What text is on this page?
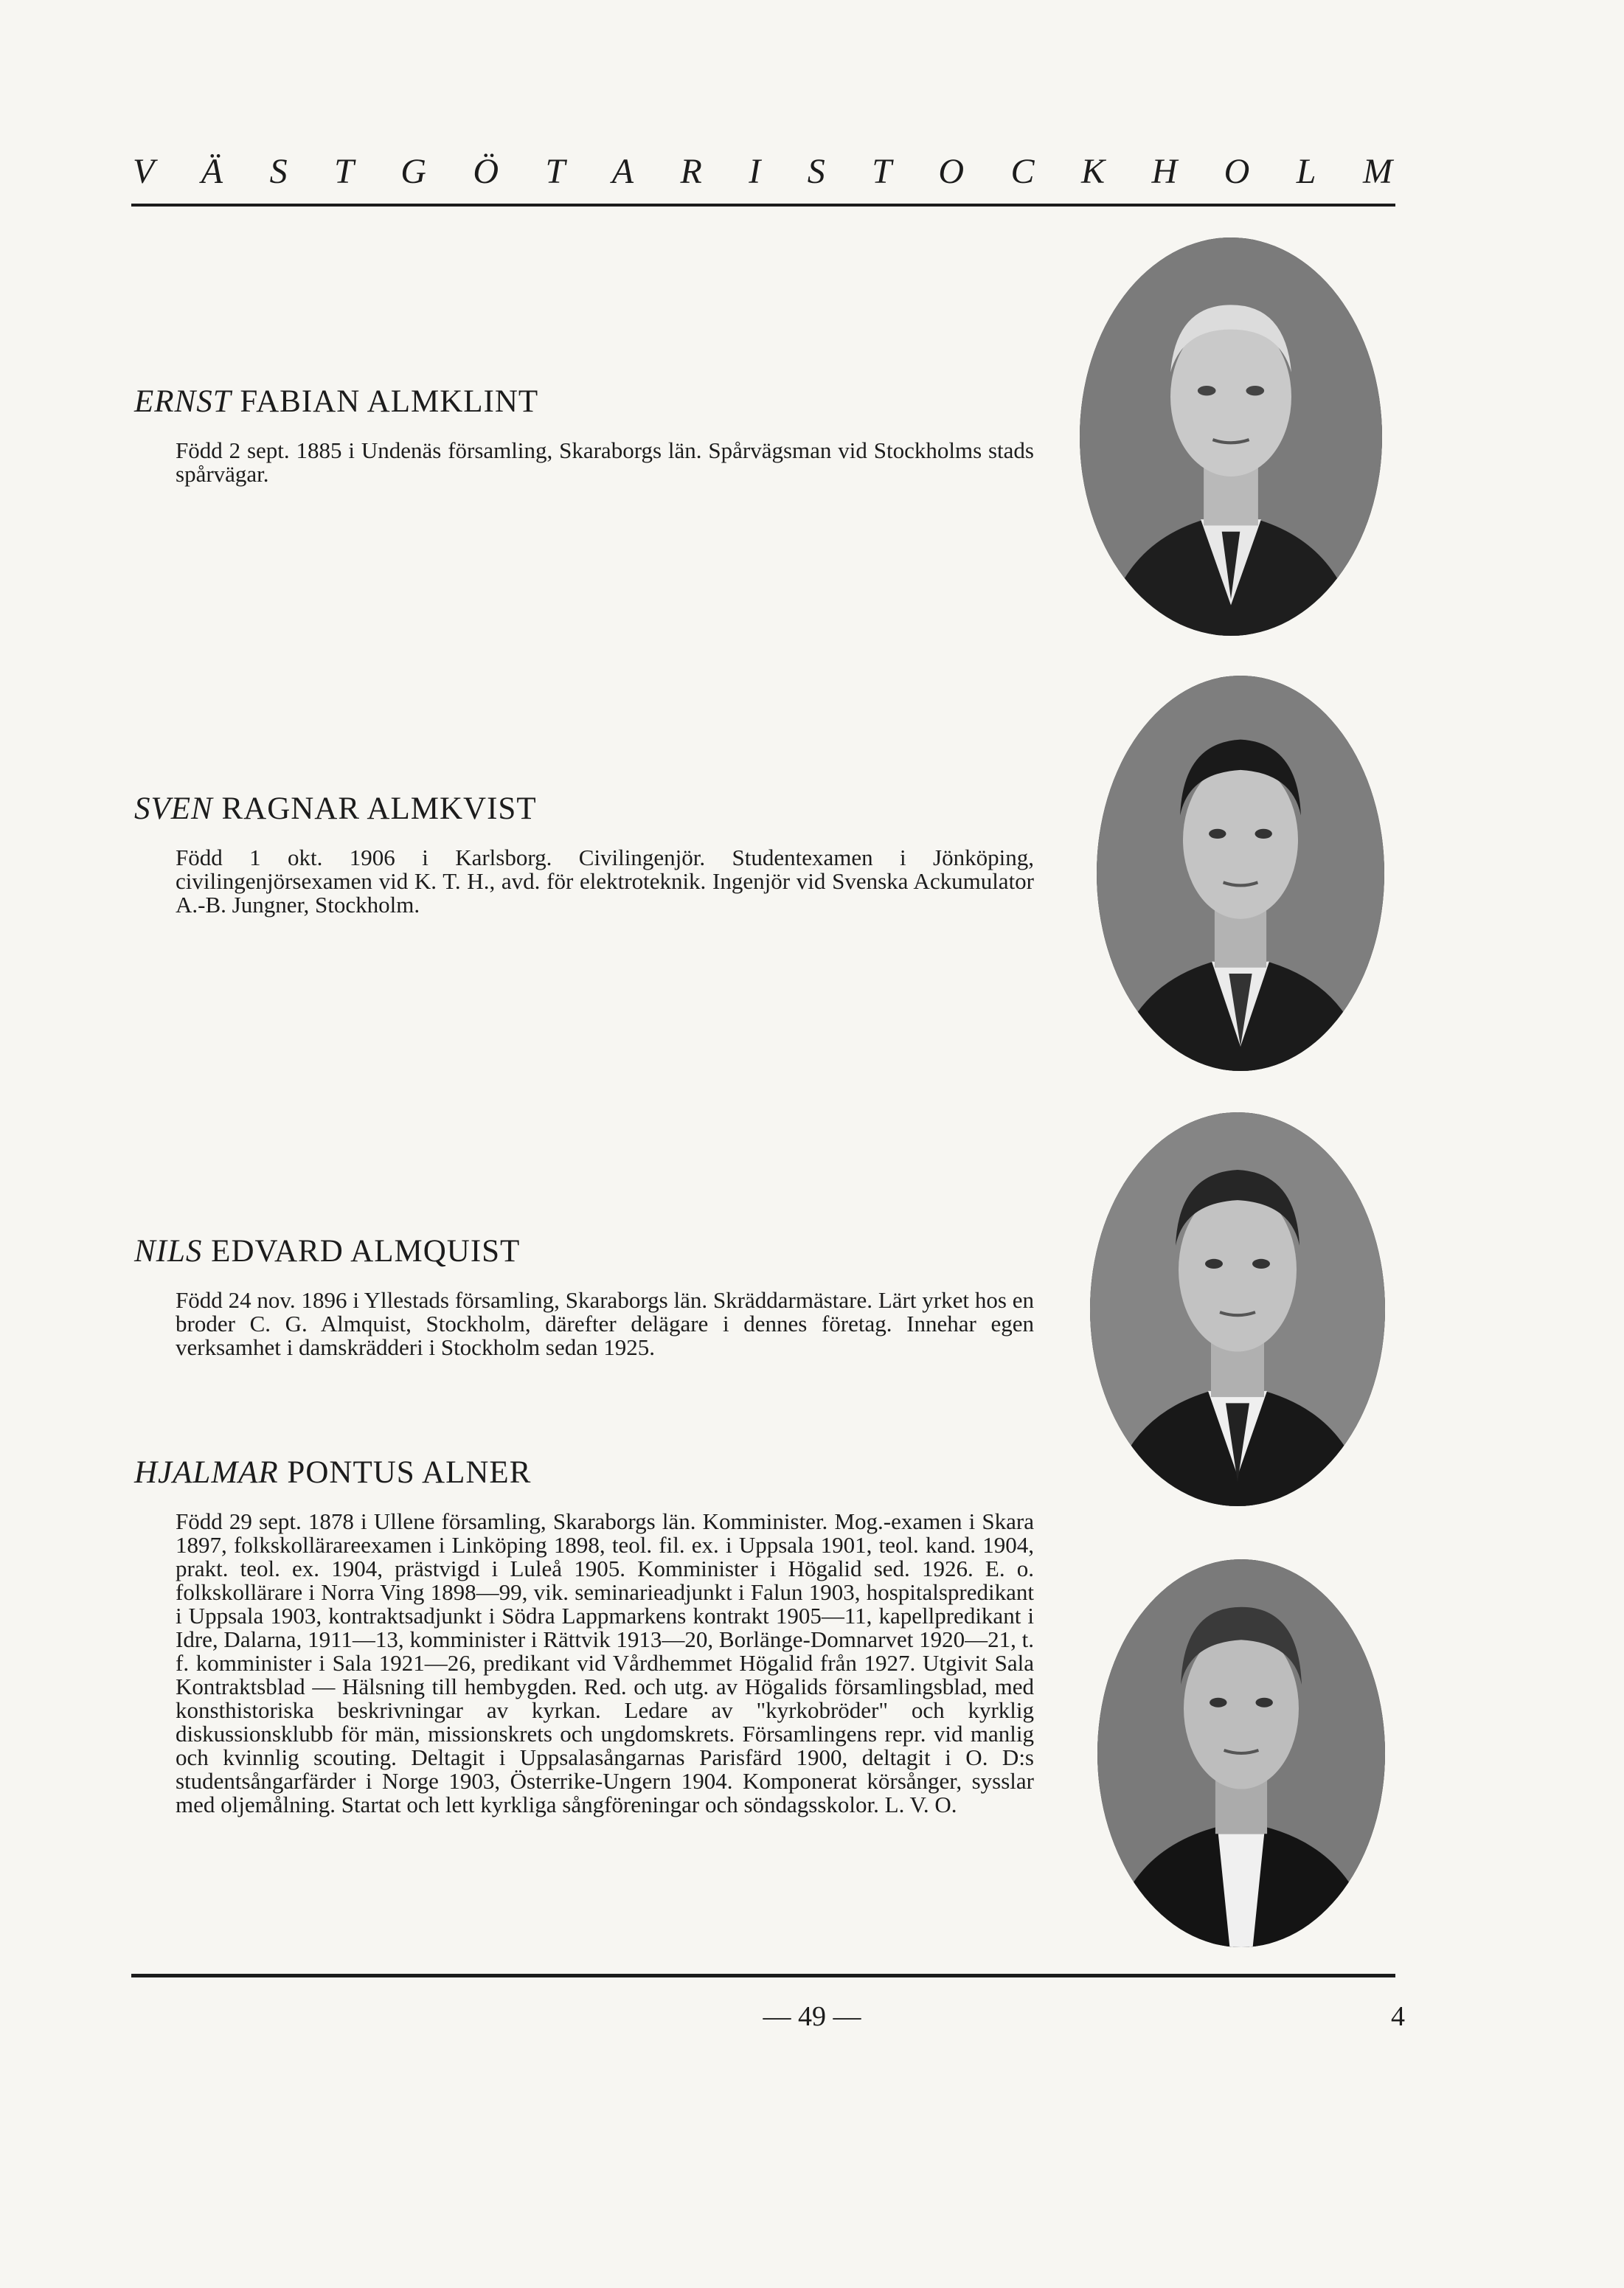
V Ä S T G Ö T A R I S T O C K H O L M

ERNST FABIAN ALMKLINT

Född 2 sept. 1885 i Undenäs församling, Skaraborgs län. Spårvägsman vid Stockholms stads spårvägar.

SVEN RAGNAR ALMKVIST

Född 1 okt. 1906 i Karlsborg. Civilingenjör. Studentexamen i Jönköping, civilingenjörsexamen vid K. T. H., avd. för elektroteknik. Ingenjör vid Svenska Ackumulator A.-B. Jungner, Stockholm.

NILS EDVARD ALMQUIST

Född 24 nov. 1896 i Yllestads församling, Skaraborgs län. Skräddarmästare. Lärt yrket hos en broder C. G. Almquist, Stockholm, därefter delägare i dennes företag. Innehar egen verksamhet i damskrädderi i Stockholm sedan 1925.

HJALMAR PONTUS ALNER

Född 29 sept. 1878 i Ullene församling, Skaraborgs län. Komminister. Mog.-examen i Skara 1897, folkskollärareexamen i Linköping 1898, teol. fil. ex. i Uppsala 1901, teol. kand. 1904, prakt. teol. ex. 1904, prästvigd i Luleå 1905. Komminister i Högalid sed. 1926. E. o. folkskollärare i Norra Ving 1898—99, vik. seminarieadjunkt i Falun 1903, hospitalspredikant i Uppsala 1903, kontraktsadjunkt i Södra Lappmarkens kontrakt 1905—11, kapellpredikant i Idre, Dalarna, 1911—13, komminister i Rättvik 1913—20, Borlänge-Domnarvet 1920—21, t. f. komminister i Sala 1921—26, predikant vid Vårdhemmet Högalid från 1927. Utgivit Sala Kontraktsblad — Hälsning till hembygden. Red. och utg. av Högalids församlingsblad, med konsthistoriska beskrivningar av kyrkan. Ledare av "kyrkobröder" och kyrklig diskussionsklubb för män, missionskrets och ungdomskrets. Församlingens repr. vid manlig och kvinnlig scouting. Deltagit i Uppsalasångarnas Parisfärd 1900, deltagit i O. D:s studentsångarfärder i Norge 1903, Österrike-Ungern 1904. Komponerat körsånger, sysslar med oljemålning. Startat och lett kyrkliga sångföreningar och söndagsskolor. L. V. O.

— 49 —	4
